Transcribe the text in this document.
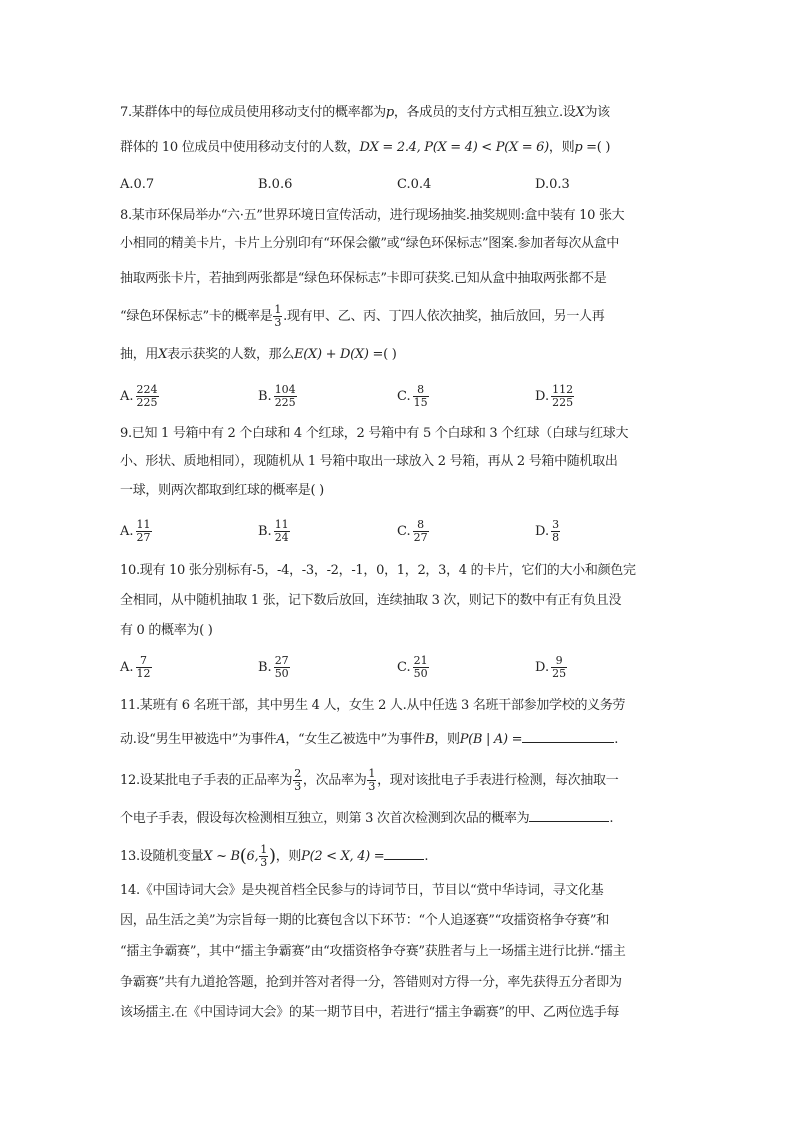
7.某群体中的每位成员使用移动支付的概率都为p，各成员的支付方式相互独立.设X为该
群体的 10 位成员中使用移动支付的人数，DX = 2.4, P(X = 4) < P(X = 6)，则p =( )
A.0.7	B.0.6	C.0.4	D.0.3
8.某市环保局举办“六·五”世界环境日宣传活动，进行现场抽奖.抽奖规则:盒中装有 10 张大
小相同的精美卡片，卡片上分别印有“环保会徽”或“绿色环保标志”图案.参加者每次从盒中
抽取两张卡片，若抽到两张都是“绿色环保标志”卡即可获奖.已知从盒中抽取两张都不是
“绿色环保标志”卡的概率是 $\frac{1}{3}$ .现有甲、乙、丙、丁四人依次抽奖，抽后放回，另一人再
抽，用X表示获奖的人数，那么E(X) + D(X) =( )
A. $\frac{224}{225}$	B. $\frac{104}{225}$	C. $\frac{8}{15}$	D. $\frac{112}{225}$
9.已知 1 号箱中有 2 个白球和 4 个红球，2 号箱中有 5 个白球和 3 个红球（白球与红球大
小、形状、质地相同），现随机从 1 号箱中取出一球放入 2 号箱，再从 2 号箱中随机取出
一球，则两次都取到红球的概率是( )
A. $\frac{11}{27}$	B. $\frac{11}{24}$	C. $\frac{8}{27}$	D. $\frac{3}{8}$
10.现有 10 张分别标有-5，-4，-3，-2，-1，0，1，2，3，4 的卡片，它们的大小和颜色完
全相同，从中随机抽取 1 张，记下数后放回，连续抽取 3 次，则记下的数中有正有负且没
有 0 的概率为( )
A. $\frac{7}{12}$	B. $\frac{27}{50}$	C. $\frac{21}{50}$	D. $\frac{9}{25}$
11.某班有 6 名班干部，其中男生 4 人，女生 2 人.从中任选 3 名班干部参加学校的义务劳
动.设“男生甲被选中”为事件A，“女生乙被选中”为事件B，则P(B | A) =	.
12.设某批电子手表的正品率为 $\frac{2}{3}$ ，次品率为 $\frac{1}{3}$ ，现对该批电子手表进行检测，每次抽取一
个电子手表，假设每次检测相互独立，则第 3 次首次检测到次品的概率为	.
13.设随机变量X ~ B(6, $\frac{1}{3}$ )，则P(2 < X, 4) =	.
14.《中国诗词大会》是央视首档全民参与的诗词节日，节目以“赏中华诗词，寻文化基
因，品生活之美”为宗旨每一期的比赛包含以下环节：“个人追逐赛”“攻擂资格争夺赛”和
“擂主争霸赛”，其中“擂主争霸赛”由“攻擂资格争夺赛”获胜者与上一场擂主进行比拼.“擂主
争霸赛”共有九道抢答题，抢到并答对者得一分，答错则对方得一分，率先获得五分者即为
该场擂主.在《中国诗词大会》的某一期节目中，若进行“擂主争霸赛”的甲、乙两位选手每
